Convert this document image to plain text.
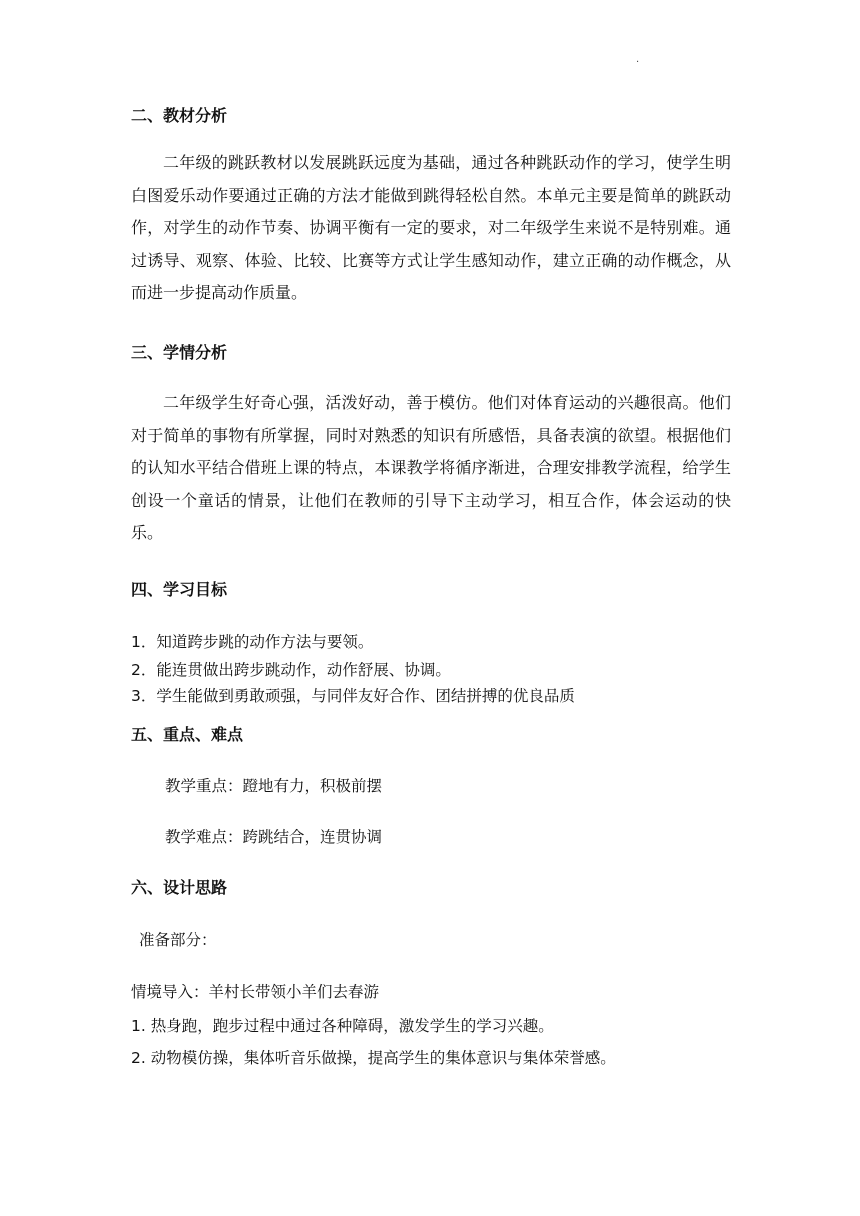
·
二、教材分析

二年级的跳跃教材以发展跳跃远度为基础，通过各种跳跃动作的学习，使学生明白图爱乐动作要通过正确的方法才能做到跳得轻松自然。本单元主要是简单的跳跃动作，对学生的动作节奏、协调平衡有一定的要求，对二年级学生来说不是特别难。通过诱导、观察、体验、比较、比赛等方式让学生感知动作，建立正确的动作概念，从而进一步提高动作质量。

三、学情分析

二年级学生好奇心强，活泼好动，善于模仿。他们对体育运动的兴趣很高。他们对于简单的事物有所掌握，同时对熟悉的知识有所感悟，具备表演的欲望。根据他们的认知水平结合借班上课的特点，本课教学将循序渐进，合理安排教学流程，给学生创设一个童话的情景，让他们在教师的引导下主动学习，相互合作，体会运动的快乐。

四、学习目标
1．知道跨步跳的动作方法与要领。
2．能连贯做出跨步跳动作，动作舒展、协调。
3．学生能做到勇敢顽强，与同伴友好合作、团结拼搏的优良品质
五、重点、难点
教学重点：蹬地有力，积极前摆
教学难点：跨跳结合，连贯协调
六、设计思路
准备部分：
情境导入：羊村长带领小羊们去春游
1. 热身跑，跑步过程中通过各种障碍，激发学生的学习兴趣。
2. 动物模仿操，集体听音乐做操，提高学生的集体意识与集体荣誉感。
